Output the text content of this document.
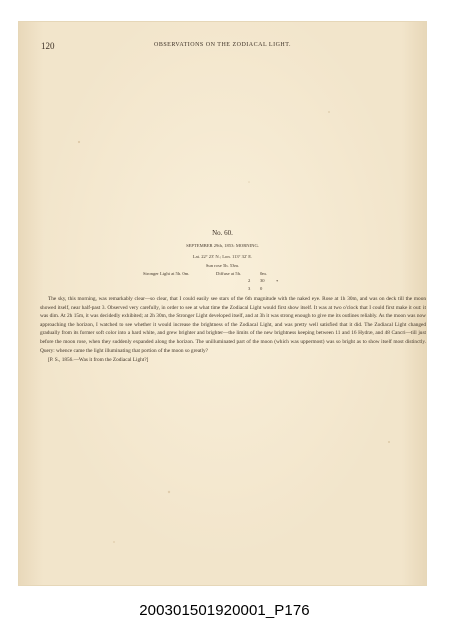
120	OBSERVATIONS ON THE ZODIACAL LIGHT.
No. 60.
SEPTEMBER 29th, 1853: MORNING.
Lat. 22° 23' N.; Lon. 113° 32' E.
Sun rose 5h. 53m.
Stronger Light at 5h. 0m.	Diffuse at 5h.	0m.
2 30 *
3 0

The sky, this morning, was remarkably clear—so clear, that I could easily see stars of the 6th magnitude with the naked eye. Rose at 1h 30m, and was on deck till the moon showed itself, near half-past 3. Observed very carefully, in order to see at what time the Zodiacal Light would first show itself. It was at two o'clock that I could first make it out: it was dim. At 2h 15m, it was decidedly exhibited; at 2h 30m, the Stronger Light developed itself, and at 3h it was strong enough to give me its outlines reliably. As the moon was now approaching the horizon, I watched to see whether it would increase the brightness of the Zodiacal Light, and was pretty well satisfied that it did. The Zodiacal Light changed gradually from its former soft color into a hard white, and grew brighter and brighter—the limits of the new brightness keeping between 11 and 16 Hydræ, and 48 Cancri—till just before the moon rose, when they suddenly expanded along the horizon. The unilluminated part of the moon (which was uppermost) was so bright as to show itself most distinctly. Query: whence came the light illuminating that portion of the moon so greatly?

[P. S., 1856.—Was it from the Zodiacal Light?]

200301501920001_P176
